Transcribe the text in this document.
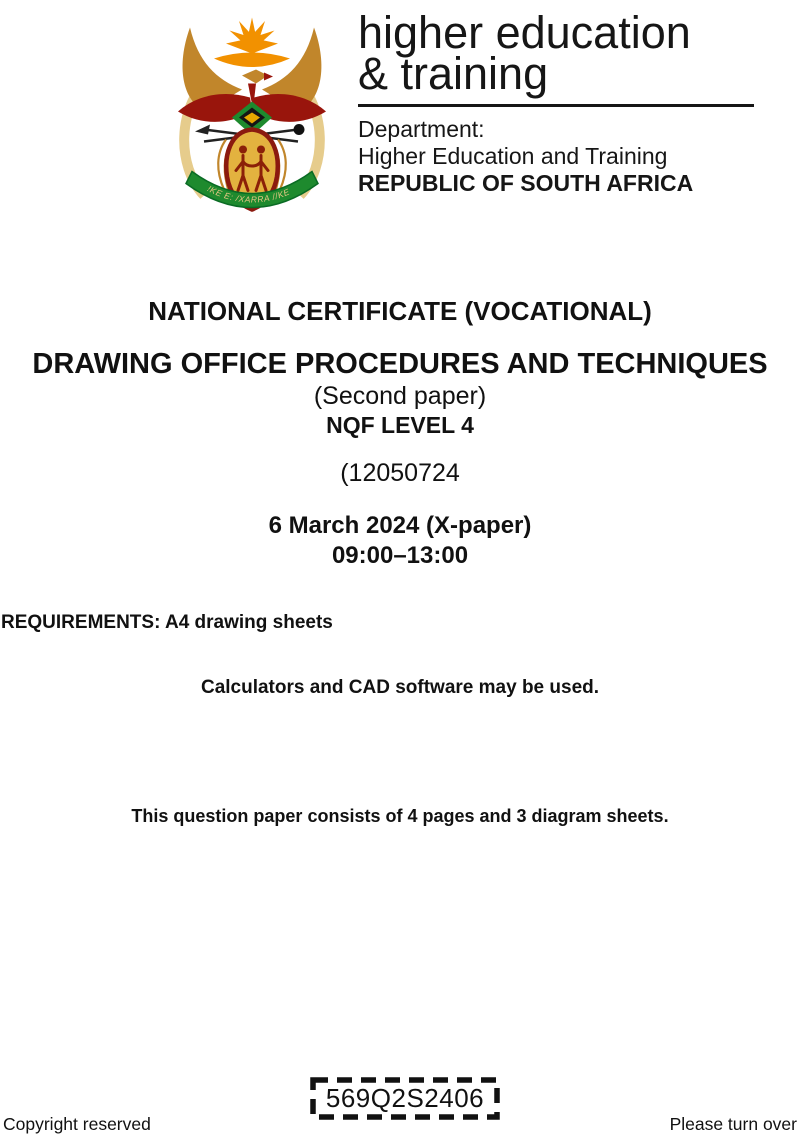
!KE E: /XARRA //KE
higher education
& training
Department:
Higher Education and Training
REPUBLIC OF SOUTH AFRICA
NATIONAL CERTIFICATE (VOCATIONAL)
DRAWING OFFICE PROCEDURES AND TECHNIQUES
(Second paper)
NQF LEVEL 4
(12050724
6 March 2024 (X-paper)
09:00–13:00
REQUIREMENTS: A4 drawing sheets
Calculators and CAD software may be used.
This question paper consists of 4 pages and 3 diagram sheets.
569Q2S2406
Copyright reserved	Please turn over
